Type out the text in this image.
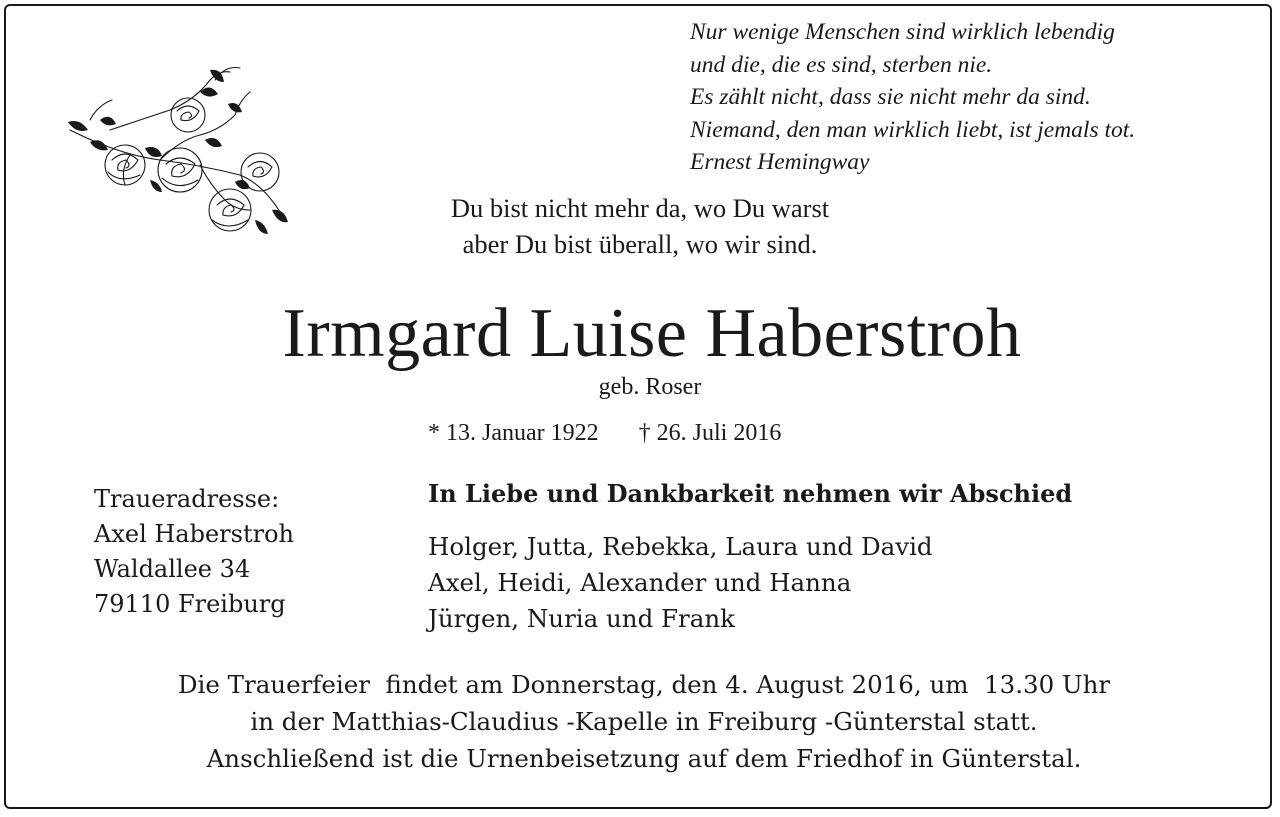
Nur wenige Menschen sind wirklich lebendig
und die, die es sind, sterben nie.
Es zählt nicht, dass sie nicht mehr da sind.
Niemand, den man wirklich liebt, ist jemals tot.
Ernest Hemingway
Du bist nicht mehr da, wo Du warst
aber Du bist überall, wo wir sind.
Irmgard Luise Haberstroh
geb. Roser
* 13. Januar 1922 † 26. Juli 2016
Traueradresse:
Axel Haberstroh
Waldallee 34
79110 Freiburg
In Liebe und Dankbarkeit nehmen wir Abschied
Holger, Jutta, Rebekka, Laura und David
Axel, Heidi, Alexander und Hanna
Jürgen, Nuria und Frank
Die Trauerfeier  findet am Donnerstag, den 4. August 2016, um  13.30 Uhr
in der Matthias-Claudius -Kapelle in Freiburg -Günterstal statt.
Anschließend ist die Urnenbeisetzung auf dem Friedhof in Günterstal.
